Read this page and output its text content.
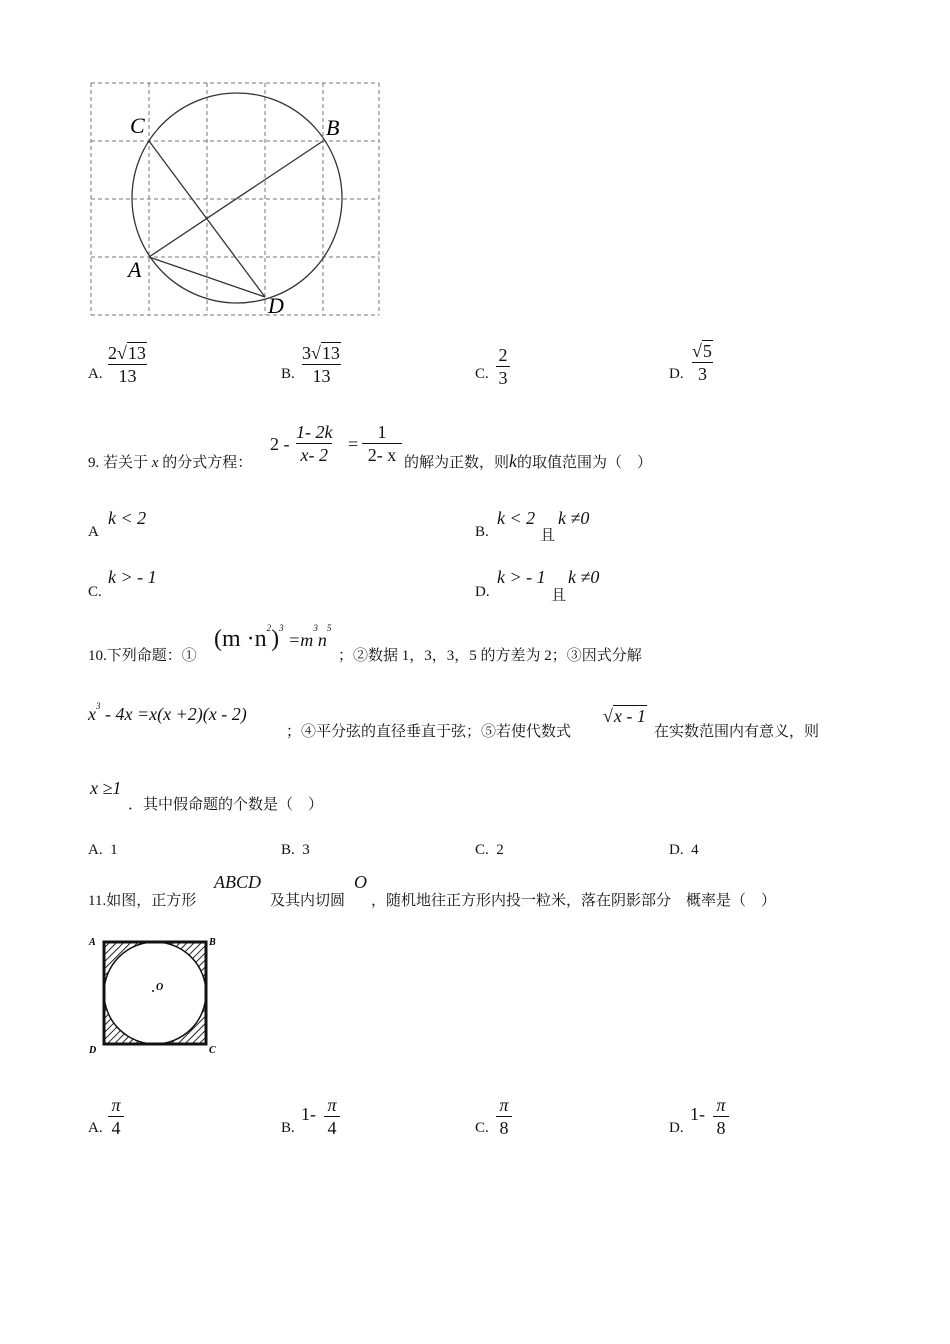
C	B
A
D
A.
2√13
13	B.
3√13
13	C.
2
3	D.
√5
3
9. 若关于 x 的分式方程：
2 -
1- 2k
x- 2
=
1
2- x 的解为正数，则k的取值范围为（　）
A
k < 2
B.
k < 2
且
k ≠0
C.
k > - 1
D.
k > - 1
且
k ≠0
10.下列命题：①
$(m \cdot n^2)^3 =m^3n^5$
；②数据 1，3，3，5 的方差为 2；③因式分解
$x^3 - 4x =x(x +2)(x - 2)$
；④平分弦的直径垂直于弦；⑤若使代数式
√x - 1
在实数范围内有意义，则
x ≥1
．其中假命题的个数是（　）
A. 1	B. 3	C. 2	D. 4
11.如图，正方形
ABCD
及其内切圆
O
，随机地往正方形内投一粒米，落在阴影部分　概率是（　）
A	B
D	C
O
A.
π
4	B.
1- π
4	C.
π
8	D.
1- π
8
